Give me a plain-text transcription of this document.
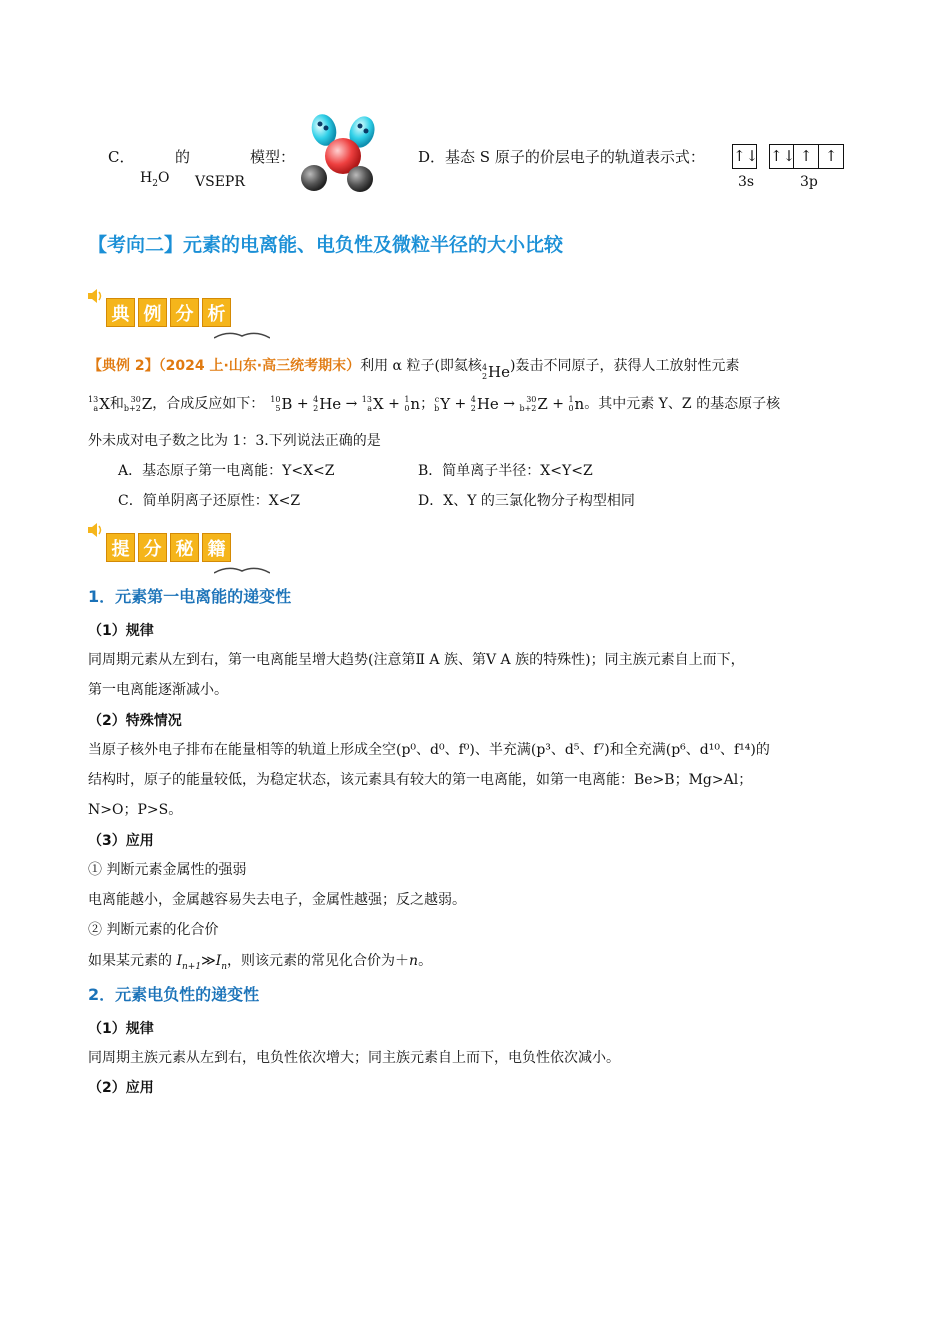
C．	的	模型：
$H_2O$ VSEPR
D．基态 S 原子的价层电子的轨道表示式： ↑↓ ↑↓ ↑ ↑
3s	3p
【考向二】元素的电离能、电负性及微粒半径的大小比较
典 例 分 析
【典例 2】（2024 上·山东·高三统考期末）利用 α 粒子(即氦核 4
2 He )轰击不同原子，获得人工放射性元素
13
a X 和 30
b+2 Z ，合成反应如下： 10
5 B + 4
2 He → 13
a X + 1
0 n ； c
b Y + 4
2 He → 30
b+2 Z + 1
0 n 。其中元素 Y、Z 的基态原子核
外未成对电子数之比为 1：3.下列说法正确的是
A．基态原子第一电离能：Y<X<Z	B．简单离子半径：X<Y<Z
C．简单阴离子还原性：X<Z	D．X、Y 的三氯化物分子构型相同
提 分 秘 籍
1．元素第一电离能的递变性
（1）规律
同周期元素从左到右，第一电离能呈增大趋势(注意第Ⅱ A 族、第Ⅴ A 族的特殊性)；同主族元素自上而下，
第一电离能逐渐减小。
（2）特殊情况
当原子核外电子排布在能量相等的轨道上形成全空(p⁰、d⁰、f⁰)、半充满(p³、d⁵、f⁷)和全充满(p⁶、d¹⁰、f¹⁴)的
结构时，原子的能量较低，为稳定状态，该元素具有较大的第一电离能，如第一电离能：Be>B；Mg>Al；
N>O；P>S。
（3）应用
① 判断元素金属性的强弱
电离能越小，金属越容易失去电子，金属性越强；反之越弱。
② 判断元素的化合价
如果某元素的 $I_{n+1}≫I_n$，则该元素的常见化合价为＋n。
2．元素电负性的递变性
（1）规律
同周期主族元素从左到右，电负性依次增大；同主族元素自上而下，电负性依次减小。
（2）应用
